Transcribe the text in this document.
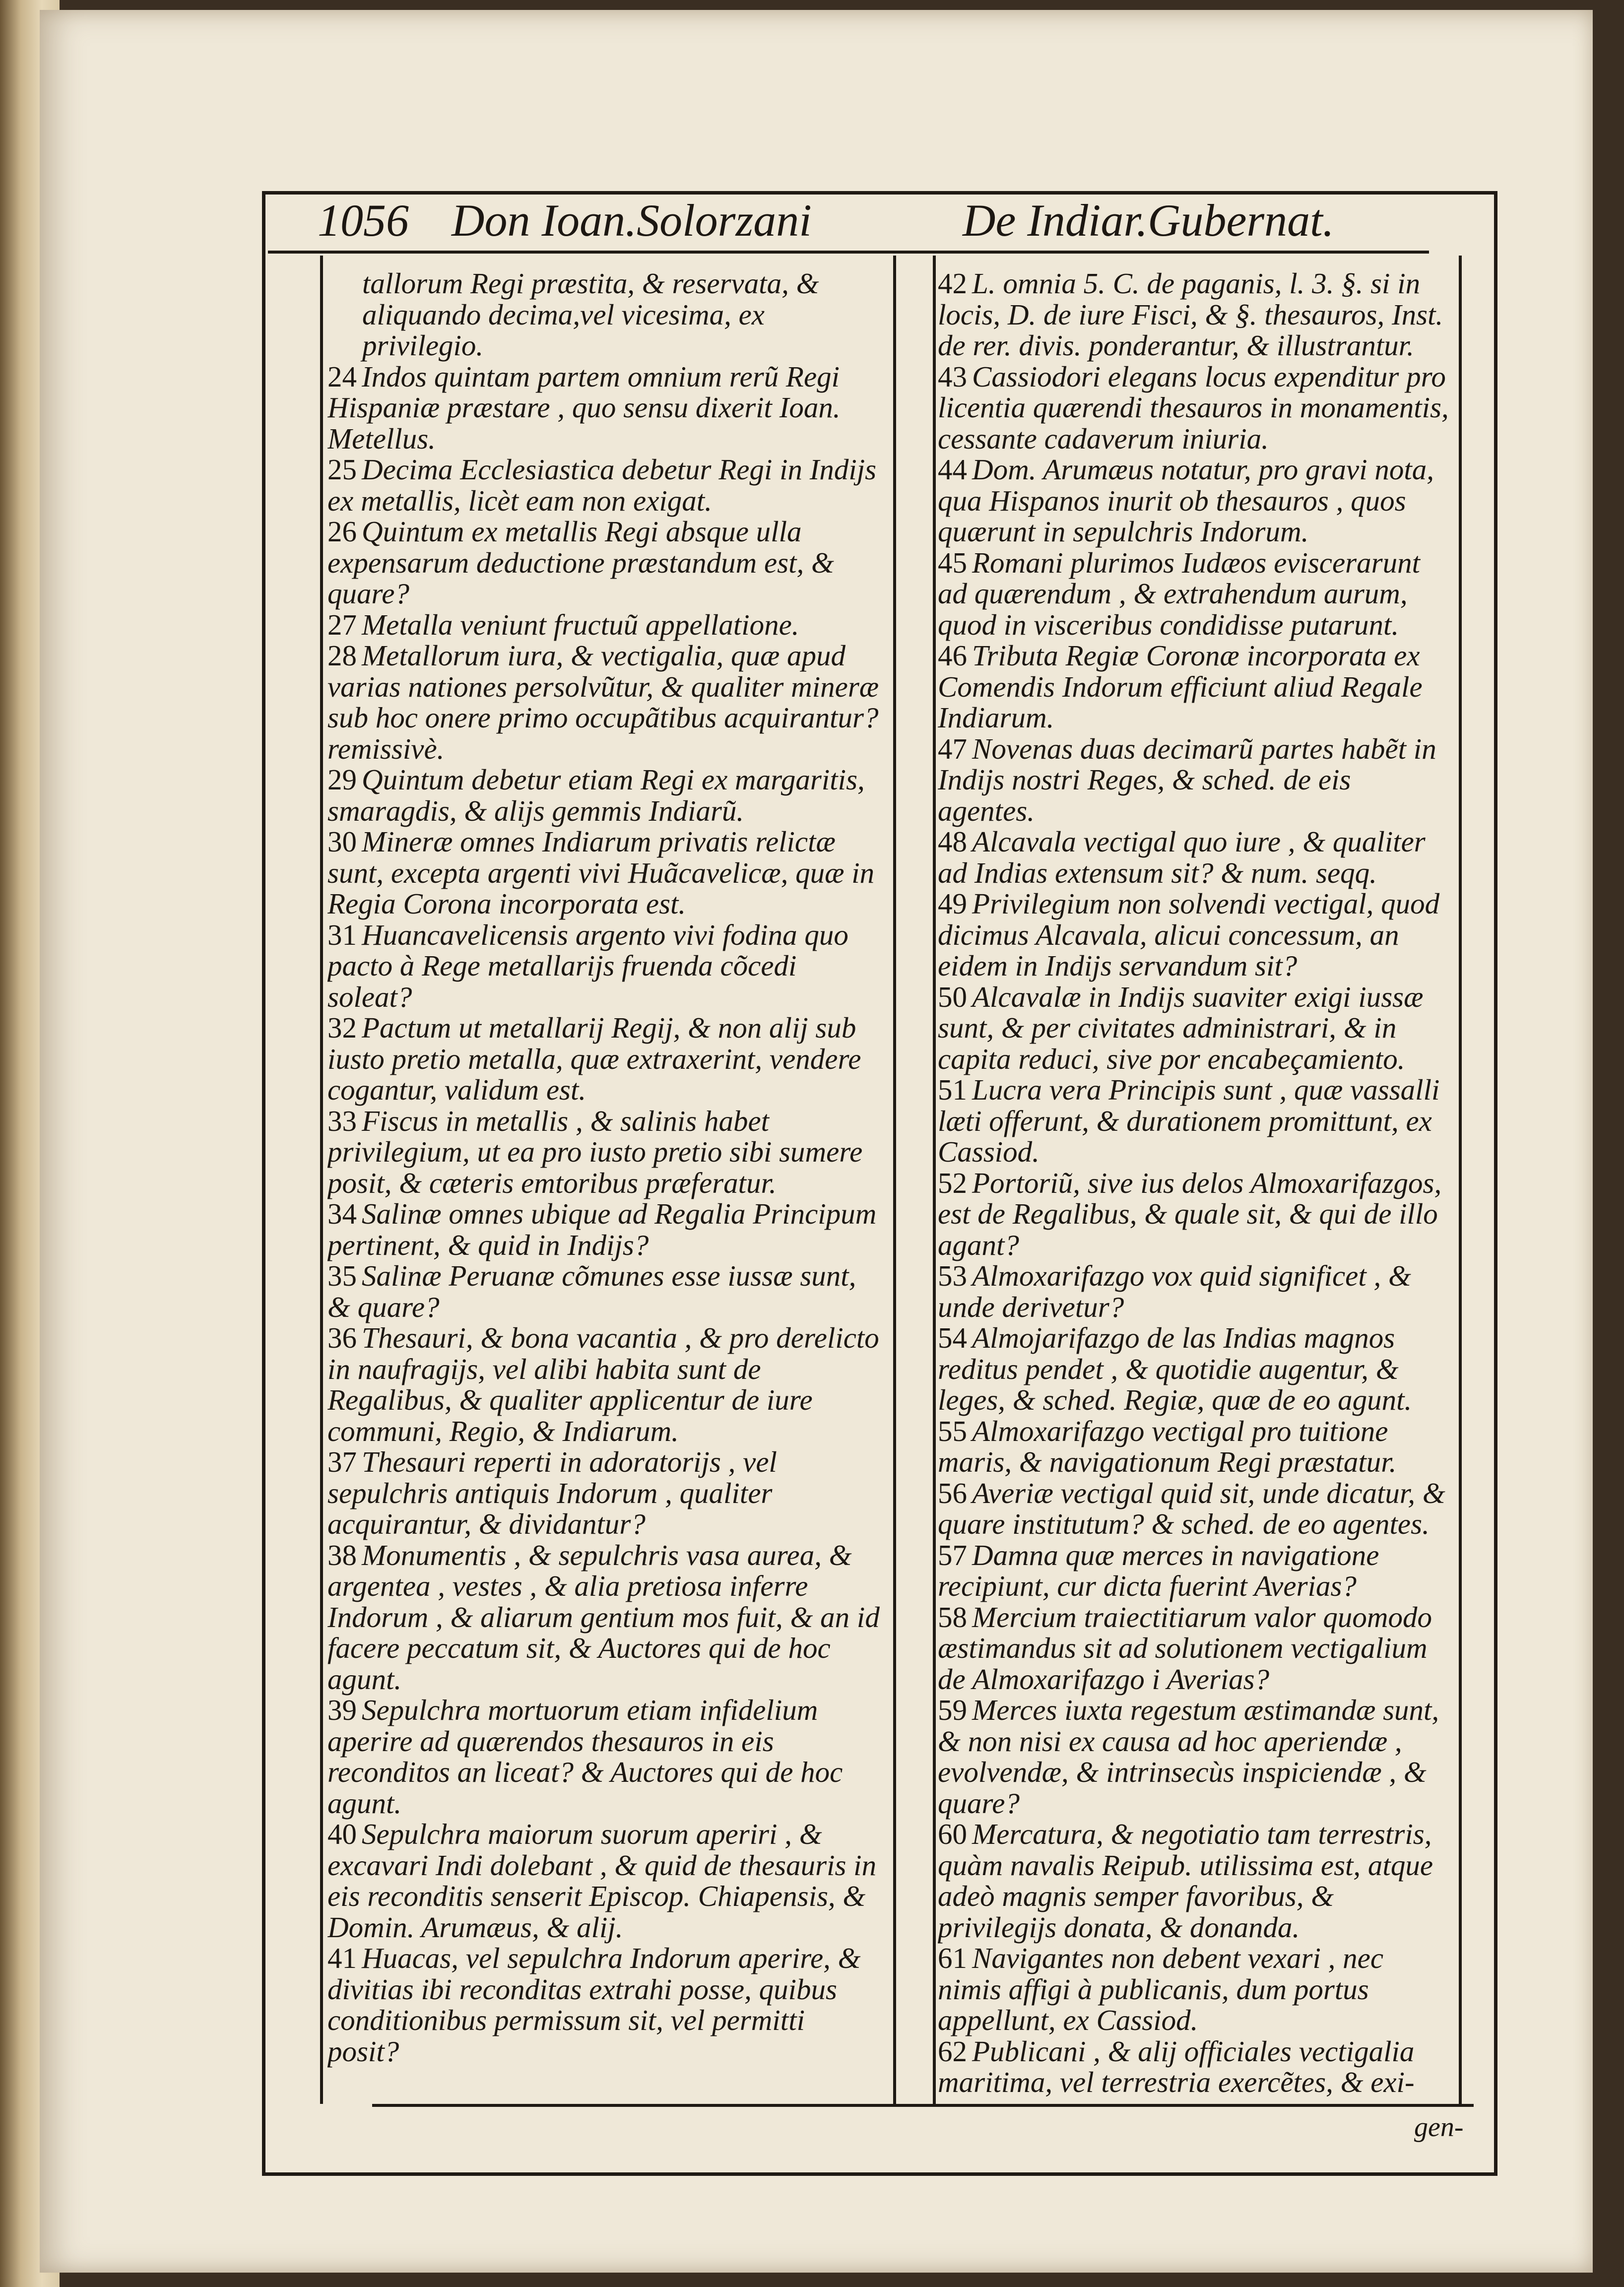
1056 Don Ioan.Solorzani	De Indiar.Gubernat.

tallorum Regi præstita, & reservata, & aliquando decima,vel vicesima, ex privilegio.

24 Indos quintam partem omnium rerũ Regi Hispaniæ præstare , quo sensu dixerit Ioan. Metellus.

25 Decima Ecclesiastica debetur Regi in Indijs ex metallis, licèt eam non exigat.

26 Quintum ex metallis Regi absque ulla expensarum deductione præstandum est, & quare?

27 Metalla veniunt fructuũ appellatione.

28 Metallorum iura, & vectigalia, quæ apud varias nationes persolvũtur, & qualiter mineræ sub hoc onere primo occupãtibus acquirantur? remissivè.

29 Quintum debetur etiam Regi ex margaritis, smaragdis, & alijs gemmis Indiarũ.

30 Mineræ omnes Indiarum privatis relictæ sunt, excepta argenti vivi Huãcavelicæ, quæ in Regia Corona incorporata est.

31 Huancavelicensis argento vivi fodina quo pacto à Rege metallarijs fruenda cõcedi soleat?

32 Pactum ut metallarij Regij, & non alij sub iusto pretio metalla, quæ extraxerint, vendere cogantur, validum est.

33 Fiscus in metallis , & salinis habet privilegium, ut ea pro iusto pretio sibi sumere posit, & cæteris emtoribus præferatur.

34 Salinæ omnes ubique ad Regalia Principum pertinent, & quid in Indijs?

35 Salinæ Peruanæ cõmunes esse iussæ sunt, & quare?

36 Thesauri, & bona vacantia , & pro derelicto in naufragijs, vel alibi habita sunt de Regalibus, & qualiter applicentur de iure communi, Regio, & Indiarum.

37 Thesauri reperti in adoratorijs , vel sepulchris antiquis Indorum , qualiter acquirantur, & dividantur?

38 Monumentis , & sepulchris vasa aurea, & argentea , vestes , & alia pretiosa inferre Indorum , & aliarum gentium mos fuit, & an id facere peccatum sit, & Auctores qui de hoc agunt.

39 Sepulchra mortuorum etiam infidelium aperire ad quærendos thesauros in eis reconditos an liceat? & Auctores qui de hoc agunt.

40 Sepulchra maiorum suorum aperiri , & excavari Indi dolebant , & quid de thesauris in eis reconditis senserit Episcop. Chiapensis, & Domin. Arumæus, & alij.

41 Huacas, vel sepulchra Indorum aperire, & divitias ibi reconditas extrahi posse, quibus conditionibus permissum sit, vel permitti posit?

42 L. omnia 5. C. de paganis, l. 3. §. si in locis, D. de iure Fisci, & §. thesauros, Inst. de rer. divis. ponderantur, & illustrantur.

43 Cassiodori elegans locus expenditur pro licentia quærendi thesauros in monamentis, cessante cadaverum iniuria.

44 Dom. Arumæus notatur, pro gravi nota, qua Hispanos inurit ob thesauros , quos quærunt in sepulchris Indorum.

45 Romani plurimos Iudæos eviscerarunt ad quærendum , & extrahendum aurum, quod in visceribus condidisse putarunt.

46 Tributa Regiæ Coronæ incorporata ex Comendis Indorum efficiunt aliud Regale Indiarum.

47 Novenas duas decimarũ partes habẽt in Indijs nostri Reges, & sched. de eis agentes.

48 Alcavala vectigal quo iure , & qualiter ad Indias extensum sit? & num. seqq.

49 Privilegium non solvendi vectigal, quod dicimus Alcavala, alicui concessum, an eidem in Indijs servandum sit?

50 Alcavalæ in Indijs suaviter exigi iussæ sunt, & per civitates administrari, & in capita reduci, sive por encabeçamiento.

51 Lucra vera Principis sunt , quæ vassalli læti offerunt, & durationem promittunt, ex Cassiod.

52 Portoriũ, sive ius delos Almoxarifazgos, est de Regalibus, & quale sit, & qui de illo agant?

53 Almoxarifazgo vox quid significet , & unde derivetur?

54 Almojarifazgo de las Indias magnos reditus pendet , & quotidie augentur, & leges, & sched. Regiæ, quæ de eo agunt.

55 Almoxarifazgo vectigal pro tuitione maris, & navigationum Regi præstatur.

56 Averiæ vectigal quid sit, unde dicatur, & quare institutum? & sched. de eo agentes.

57 Damna quæ merces in navigatione recipiunt, cur dicta fuerint Averias?

58 Mercium traiectitiarum valor quomodo æstimandus sit ad solutionem vectigalium de Almoxarifazgo i Averias?

59 Merces iuxta regestum æstimandæ sunt, & non nisi ex causa ad hoc aperiendæ , evolvendæ, & intrinsecùs inspiciendæ , & quare?

60 Mercatura, & negotiatio tam terrestris, quàm navalis Reipub. utilissima est, atque adeò magnis semper favoribus, & privilegijs donata, & donanda.

61 Navigantes non debent vexari , nec nimis affigi à publicanis, dum portus appellunt, ex Cassiod.

62 Publicani , & alij officiales vectigalia maritima, vel terrestria exercẽtes, & exi-

gen-
